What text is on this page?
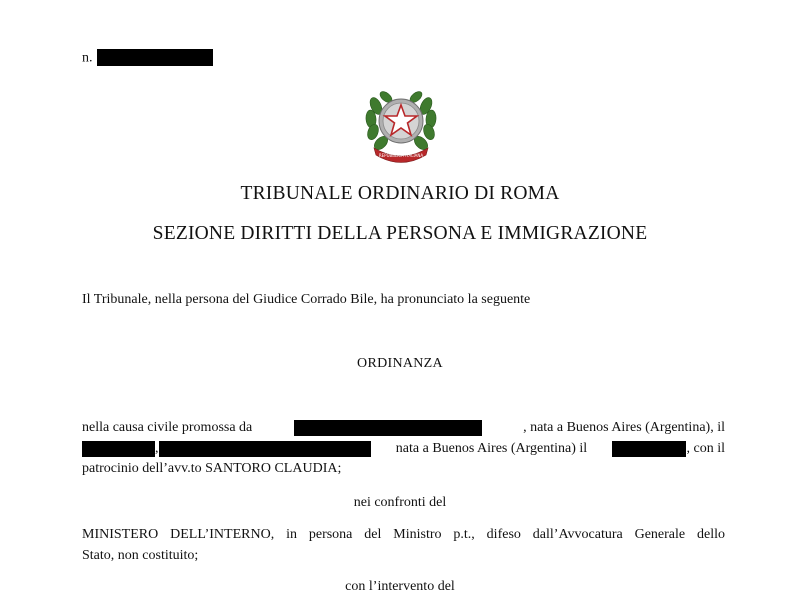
n.
REPUBBLICA ITALIANA
TRIBUNALE ORDINARIO DI ROMA
SEZIONE DIRITTI DELLA PERSONA E IMMIGRAZIONE
Il Tribunale, nella persona del Giudice Corrado Bile, ha pronunciato la seguente
ORDINANZA
nella causa civile promossa da	, nata a Buenos Aires (Argentina), il
,	nata a Buenos Aires (Argentina) il	, con il
patrocinio dell’avv.to SANTORO CLAUDIA;
nei confronti del
MINISTERO DELL’INTERNO, in persona del Ministro p.t., difeso dall’Avvocatura Generale dello
Stato, non costituito;
con l’intervento del
